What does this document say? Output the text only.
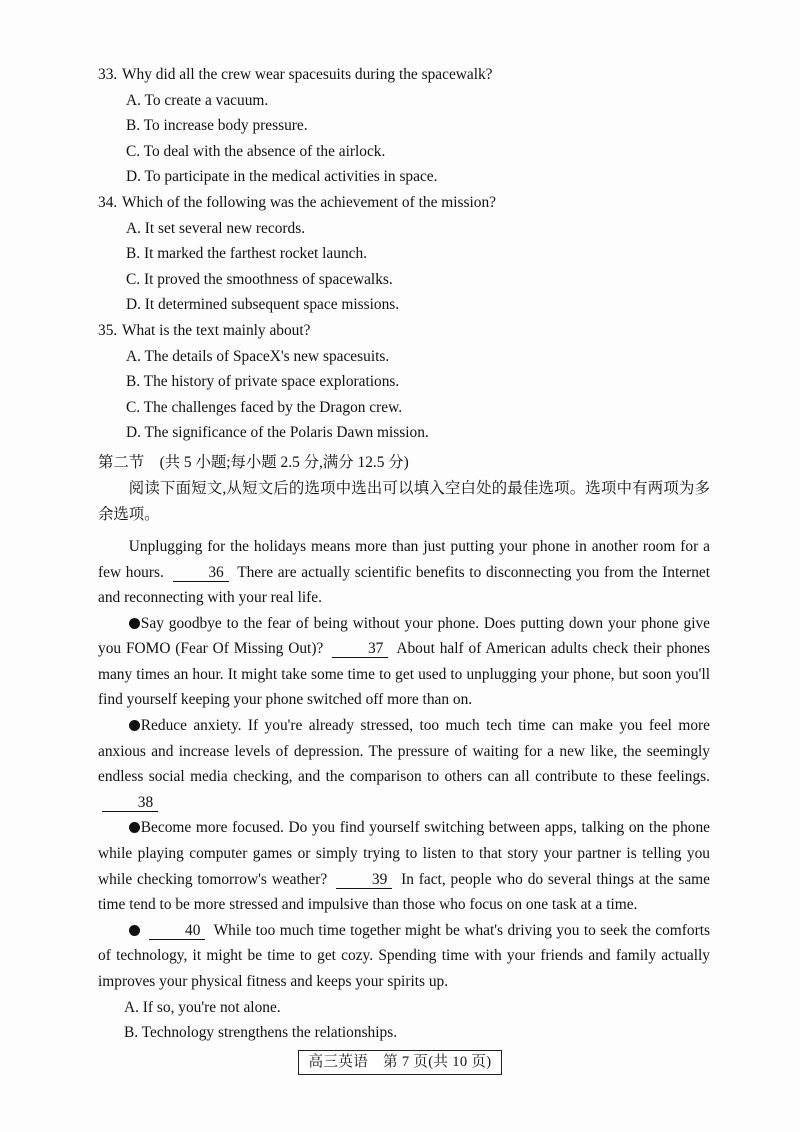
33. Why did all the crew wear spacesuits during the spacewalk?
A. To create a vacuum.
B. To increase body pressure.
C. To deal with the absence of the airlock.
D. To participate in the medical activities in space.
34. Which of the following was the achievement of the mission?
A. It set several new records.
B. It marked the farthest rocket launch.
C. It proved the smoothness of spacewalks.
D. It determined subsequent space missions.
35. What is the text mainly about?
A. The details of SpaceX's new spacesuits.
B. The history of private space explorations.
C. The challenges faced by the Dragon crew.
D. The significance of the Polaris Dawn mission.
第二节　(共 5 小题;每小题 2.5 分,满分 12.5 分)
阅读下面短文,从短文后的选项中选出可以填入空白处的最佳选项。选项中有两项为多余选项。

Unplugging for the holidays means more than just putting your phone in another room for a few hours.	36 There are actually scientific benefits to disconnecting you from the Internet and reconnecting with your real life.

Say goodbye to the fear of being without your phone. Does putting down your phone give you FOMO (Fear Of Missing Out)?	37 About half of American adults check their phones many times an hour. It might take some time to get used to unplugging your phone, but soon you'll find yourself keeping your phone switched off more than on.

Reduce anxiety. If you're already stressed, too much tech time can make you feel more anxious and increase levels of depression. The pressure of waiting for a new like, the seemingly endless social media checking, and the comparison to others can all contribute to these feelings. 38

Become more focused. Do you find yourself switching between apps, talking on the phone while playing computer games or simply trying to listen to that story your partner is telling you while checking tomorrow's weather?	39 In fact, people who do several things at the same time tend to be more stressed and impulsive than those who focus on one task at a time.

40 While too much time together might be what's driving you to seek the comforts of technology, it might be time to get cozy. Spending time with your friends and family actually improves your physical fitness and keeps your spirits up.

A. If so, you're not alone.
B. Technology strengthens the relationships.
高三英语　第 7 页(共 10 页)
